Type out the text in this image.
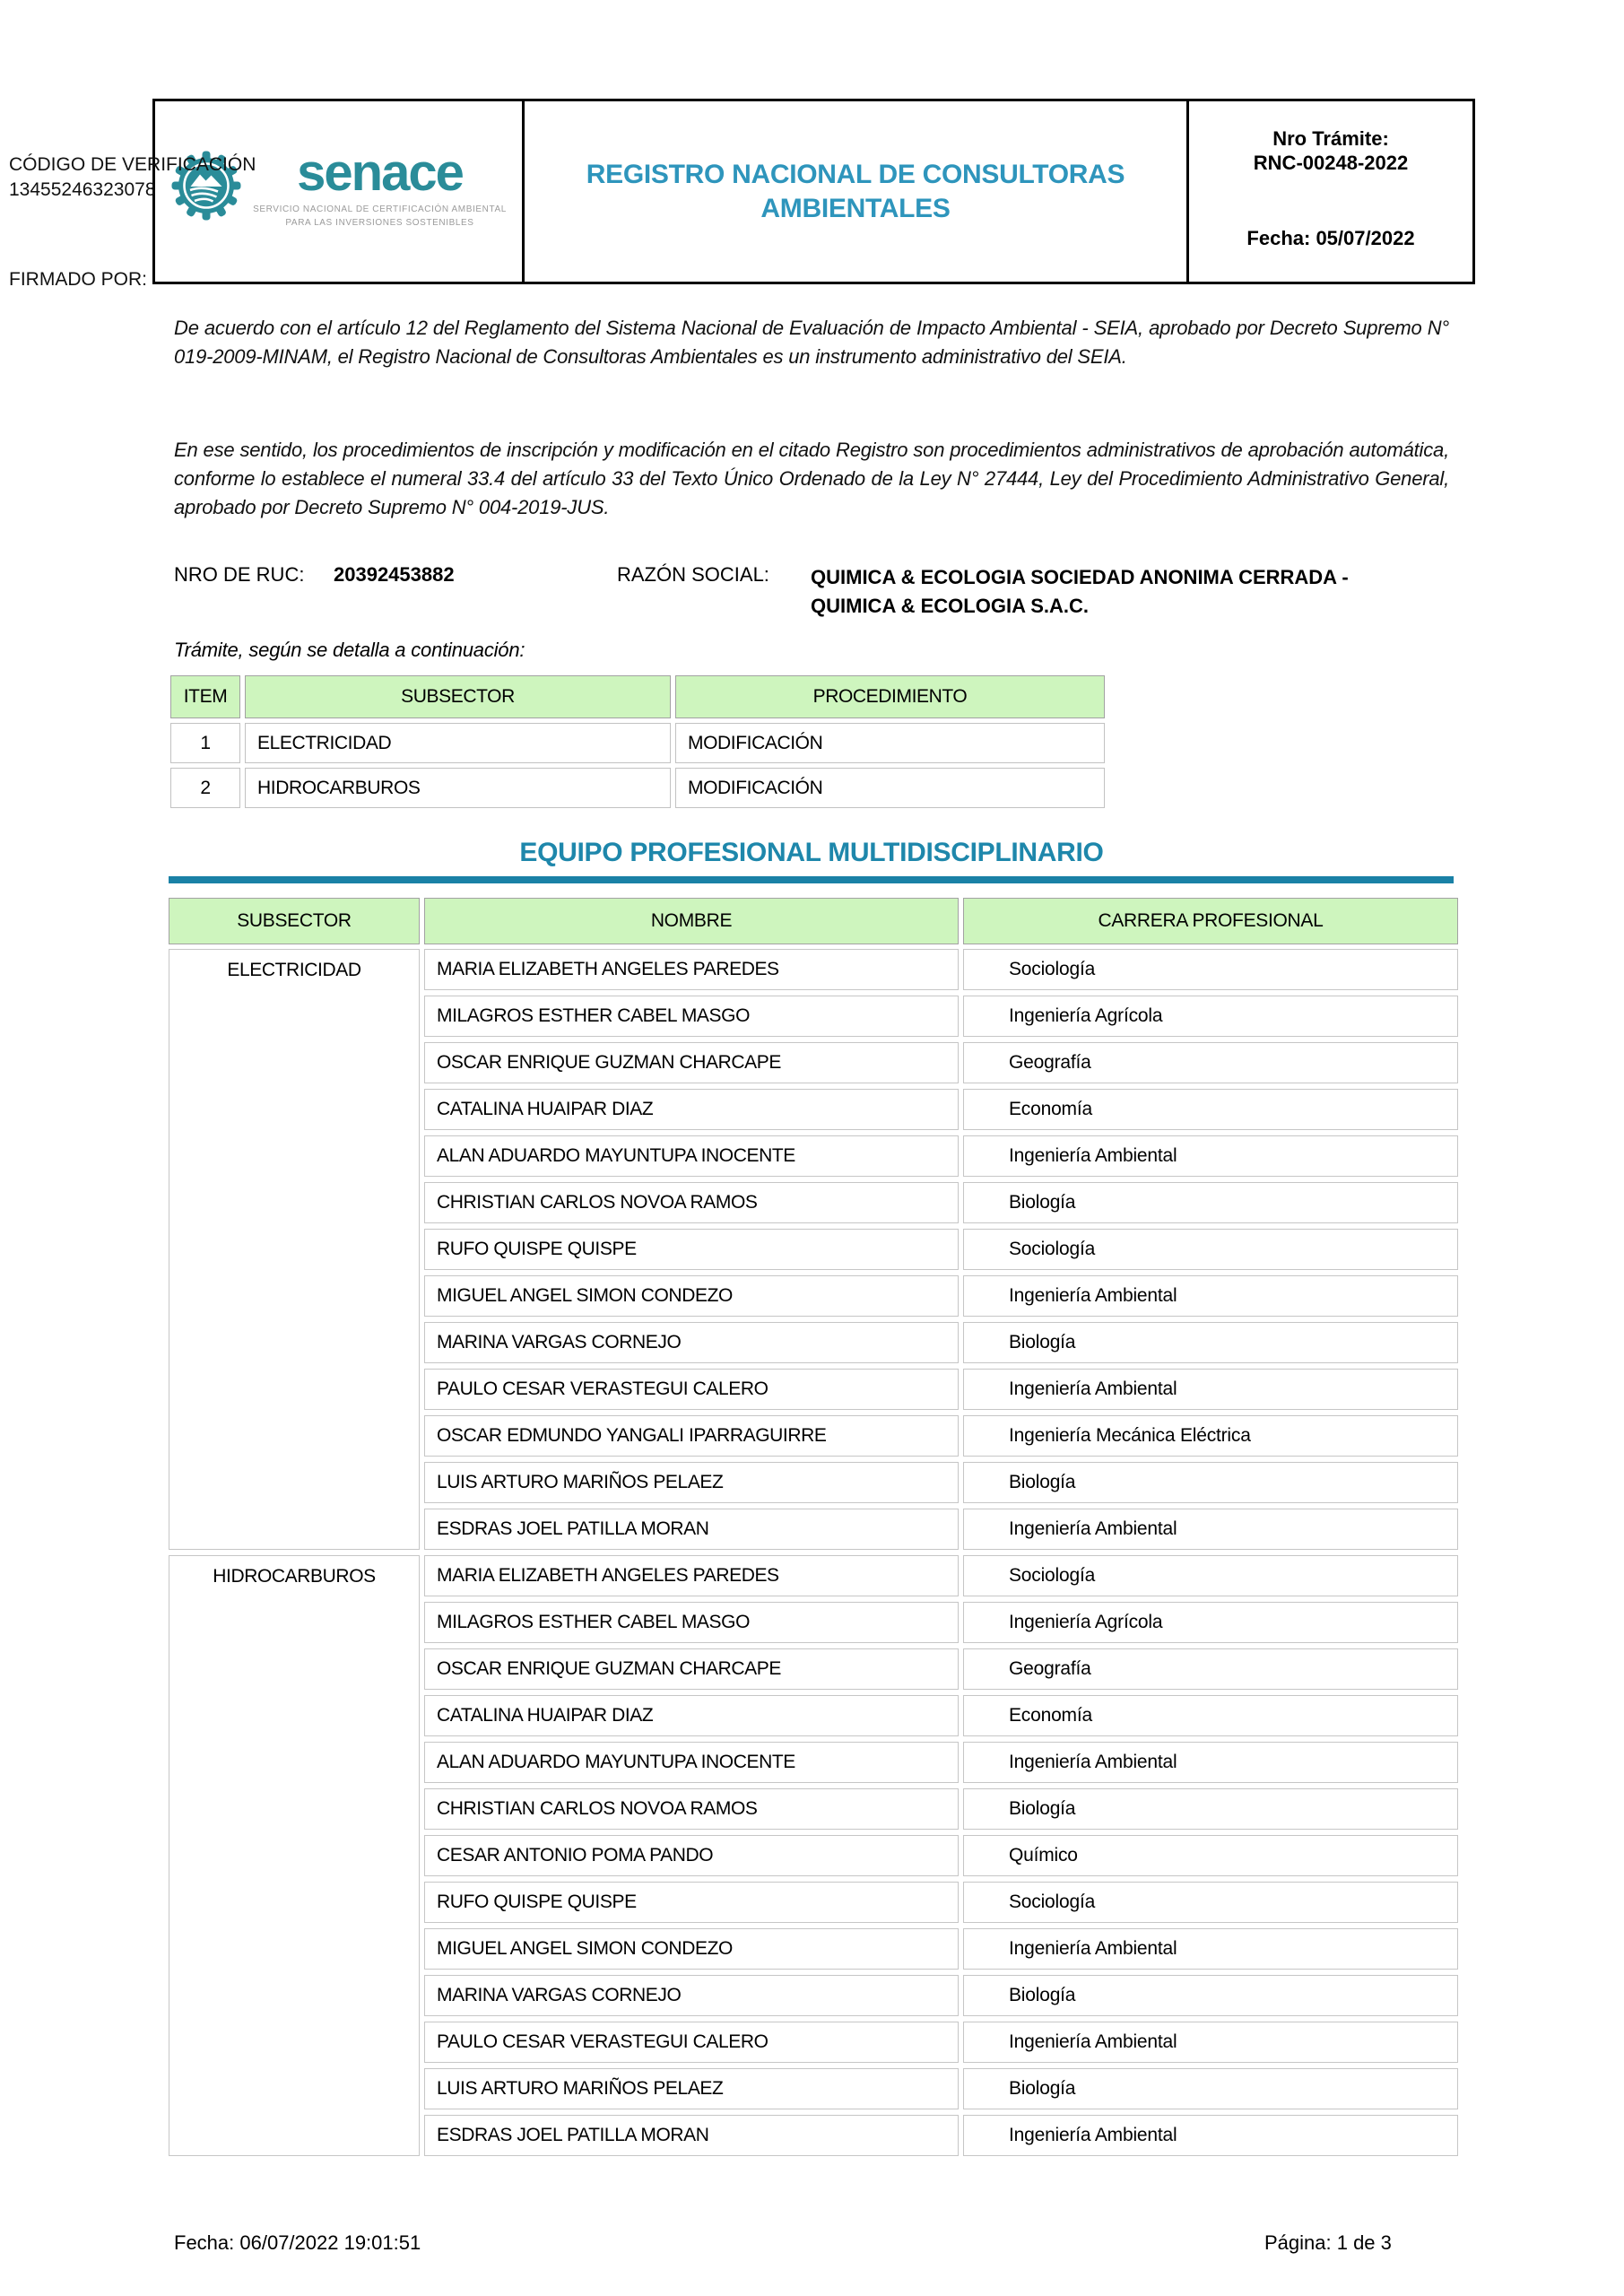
CÓDIGO DE VERIFICACIÓN
13455246323078
FIRMADO POR:
senace
SERVICIO NACIONAL DE CERTIFICACIÓN AMBIENTAL
PARA LAS INVERSIONES SOSTENIBLES
REGISTRO NACIONAL DE CONSULTORAS AMBIENTALES
Nro Trámite:
RNC-00248-2022
Fecha: 05/07/2022
De acuerdo con el artículo 12 del Reglamento del Sistema Nacional de Evaluación de Impacto Ambiental - SEIA, aprobado por Decreto Supremo N° 019-2009-MINAM, el Registro Nacional de Consultoras Ambientales es un instrumento administrativo del SEIA.
En ese sentido, los procedimientos de inscripción y modificación en el citado Registro son procedimientos administrativos de aprobación automática, conforme lo establece el numeral 33.4 del artículo 33 del Texto Único Ordenado de la Ley N° 27444, Ley del Procedimiento Administrativo General, aprobado por Decreto Supremo N° 004-2019-JUS.
NRO DE RUC: 20392453882	RAZÓN SOCIAL: QUIMICA & ECOLOGIA SOCIEDAD ANONIMA CERRADA - QUIMICA & ECOLOGIA S.A.C.
Trámite, según se detalla a continuación:
ITEM	SUBSECTOR	PROCEDIMIENTO
1	ELECTRICIDAD	MODIFICACIÓN
2	HIDROCARBUROS	MODIFICACIÓN
EQUIPO PROFESIONAL MULTIDISCIPLINARIO
SUBSECTOR	NOMBRE	CARRERA PROFESIONAL
ELECTRICIDAD	MARIA ELIZABETH ANGELES PAREDES	Sociología
MILAGROS ESTHER CABEL MASGO	Ingeniería Agrícola
OSCAR ENRIQUE GUZMAN CHARCAPE	Geografía
CATALINA HUAIPAR DIAZ	Economía
ALAN ADUARDO MAYUNTUPA INOCENTE	Ingeniería Ambiental
CHRISTIAN CARLOS NOVOA RAMOS	Biología
RUFO QUISPE QUISPE	Sociología
MIGUEL ANGEL SIMON CONDEZO	Ingeniería Ambiental
MARINA VARGAS CORNEJO	Biología
PAULO CESAR VERASTEGUI CALERO	Ingeniería Ambiental
OSCAR EDMUNDO YANGALI IPARRAGUIRRE	Ingeniería Mecánica Eléctrica
LUIS ARTURO MARIÑOS PELAEZ	Biología
ESDRAS JOEL PATILLA MORAN	Ingeniería Ambiental
HIDROCARBUROS	MARIA ELIZABETH ANGELES PAREDES	Sociología
MILAGROS ESTHER CABEL MASGO	Ingeniería Agrícola
OSCAR ENRIQUE GUZMAN CHARCAPE	Geografía
CATALINA HUAIPAR DIAZ	Economía
ALAN ADUARDO MAYUNTUPA INOCENTE	Ingeniería Ambiental
CHRISTIAN CARLOS NOVOA RAMOS	Biología
CESAR ANTONIO POMA PANDO	Químico
RUFO QUISPE QUISPE	Sociología
MIGUEL ANGEL SIMON CONDEZO	Ingeniería Ambiental
MARINA VARGAS CORNEJO	Biología
PAULO CESAR VERASTEGUI CALERO	Ingeniería Ambiental
LUIS ARTURO MARIÑOS PELAEZ	Biología
ESDRAS JOEL PATILLA MORAN	Ingeniería Ambiental
Fecha: 06/07/2022 19:01:51	Página: 1 de 3
